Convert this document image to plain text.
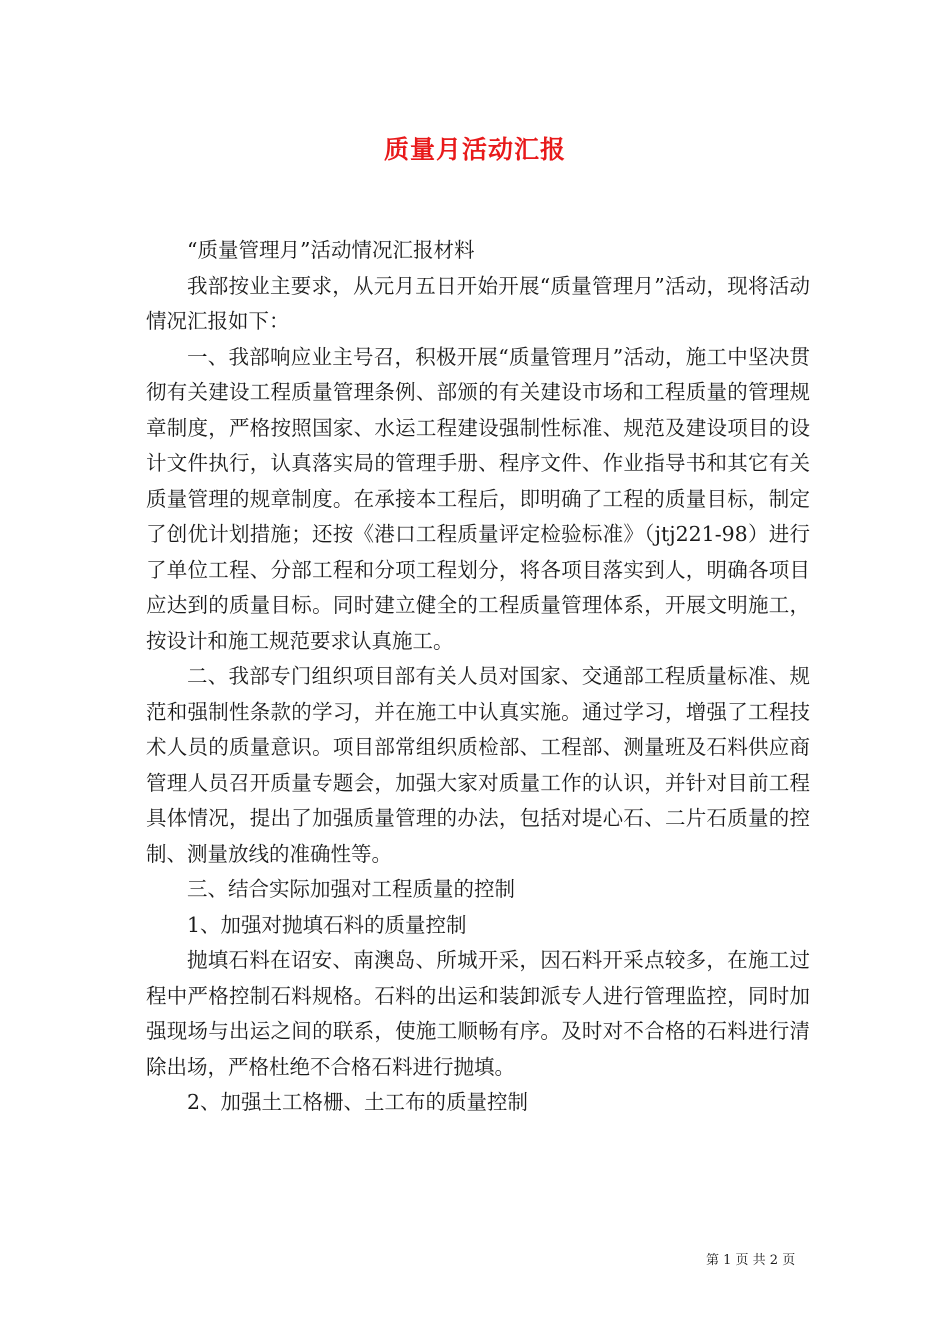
质量月活动汇报

“质量管理月”活动情况汇报材料

我部按业主要求，从元月五日开始开展“质量管理月”活动，现将活动情况汇报如下：

一、我部响应业主号召，积极开展“质量管理月”活动，施工中坚决贯彻有关建设工程质量管理条例、部颁的有关建设市场和工程质量的管理规章制度，严格按照国家、水运工程建设强制性标准、规范及建设项目的设计文件执行，认真落实局的管理手册、程序文件、作业指导书和其它有关质量管理的规章制度。在承接本工程后，即明确了工程的质量目标，制定了创优计划措施；还按《港口工程质量评定检验标准》（jtj221-98）进行了单位工程、分部工程和分项工程划分，将各项目落实到人，明确各项目应达到的质量目标。同时建立健全的工程质量管理体系，开展文明施工，按设计和施工规范要求认真施工。

二、我部专门组织项目部有关人员对国家、交通部工程质量标准、规范和强制性条款的学习，并在施工中认真实施。通过学习，增强了工程技术人员的质量意识。项目部常组织质检部、工程部、测量班及石料供应商管理人员召开质量专题会，加强大家对质量工作的认识，并针对目前工程具体情况，提出了加强质量管理的办法，包括对堤心石、二片石质量的控制、测量放线的准确性等。

三、结合实际加强对工程质量的控制

1、加强对抛填石料的质量控制

抛填石料在诏安、南澳岛、所城开采，因石料开采点较多，在施工过程中严格控制石料规格。石料的出运和装卸派专人进行管理监控，同时加强现场与出运之间的联系，使施工顺畅有序。及时对不合格的石料进行清除出场，严格杜绝不合格石料进行抛填。

2、加强土工格栅、土工布的质量控制

第 1 页 共 2 页
